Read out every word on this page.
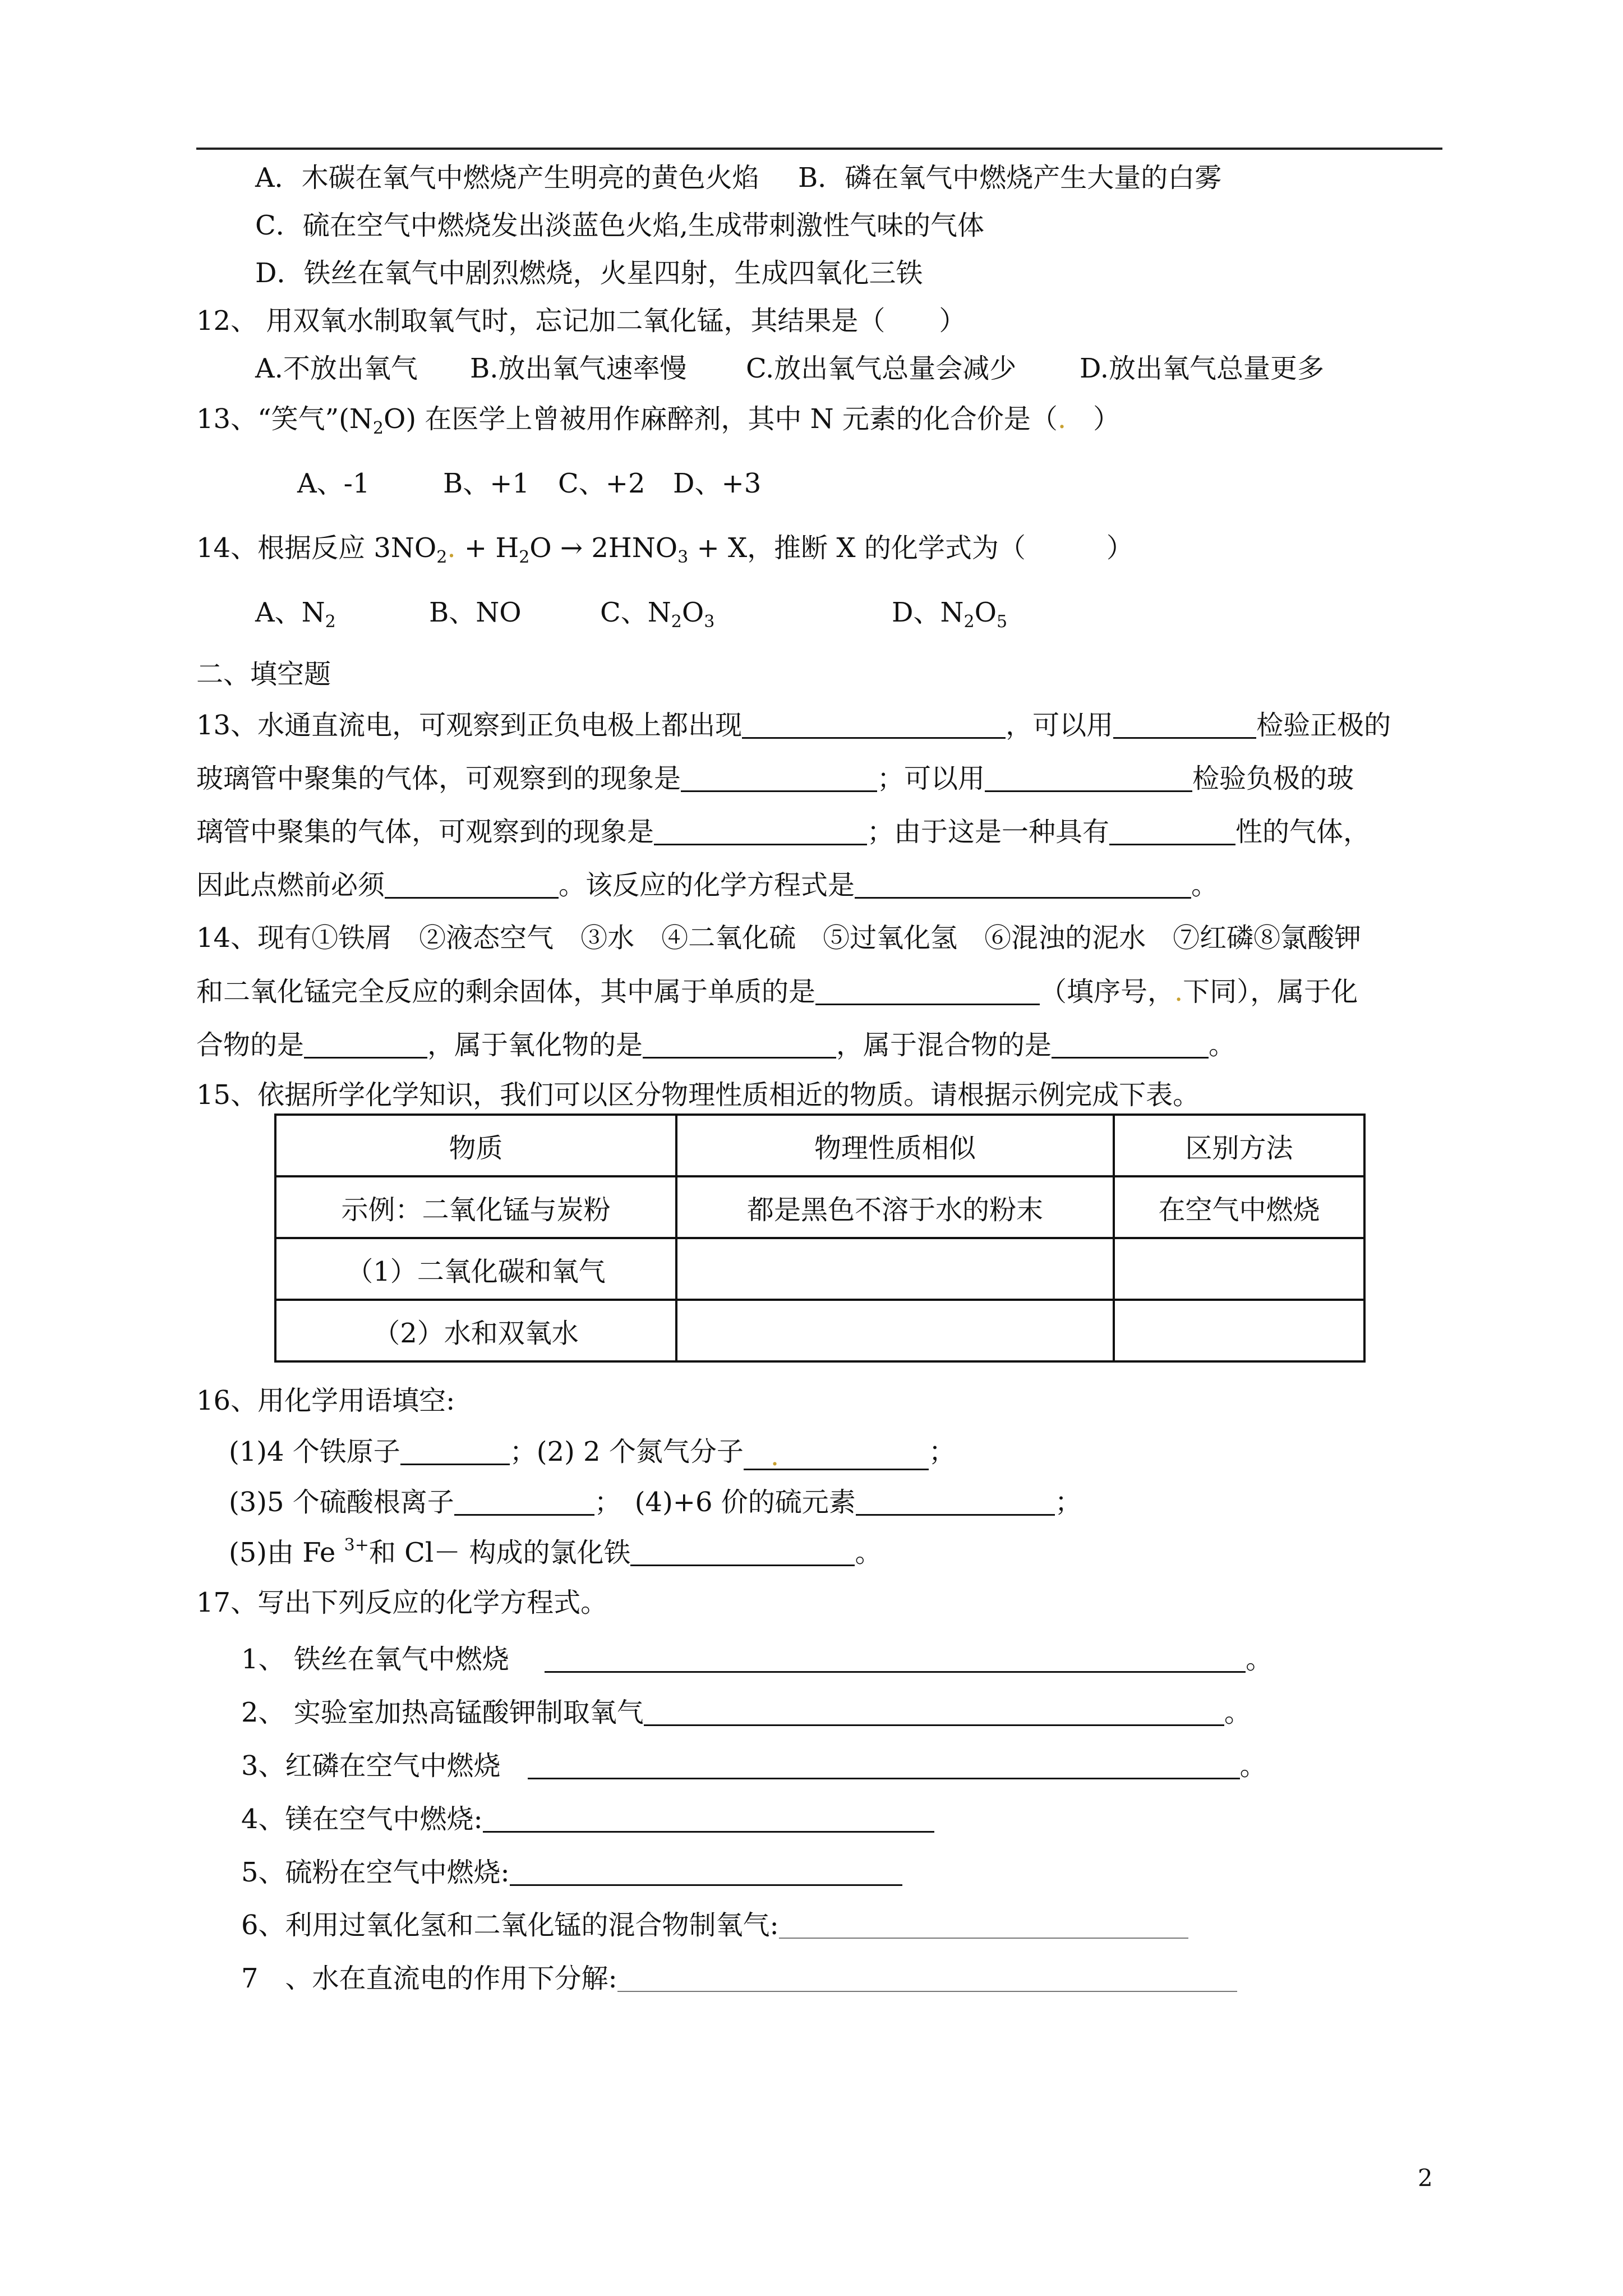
A．木碳在氧气中燃烧产生明亮的黄色火焰 B．磷在氧气中燃烧产生大量的白雾
C．硫在空气中燃烧发出淡蓝色火焰,生成带刺激性气味的气体
D．铁丝在氧气中剧烈燃烧，火星四射，生成四氧化三铁
12、 用双氧水制取氧气时，忘记加二氧化锰，其结果是（　　）
A.不放出氧气 B.放出氧气速率慢 C.放出氧气总量会减少 D.放出氧气总量更多
13、“笑气$”(N_2O)$ 在医学上曾被用作麻醉剂，其中 N 元素的化合价是（.　）
A、-1	B、+1 C、+2 D、+3
14、根据反应 $3NO_2$. + $H_2O \to 2HNO_3 + X$，推断 X 的化学式为（　　　）
A、$N_2$	B、NO	C、$N_2O_3$	D、$N_2O_5$
二、填空题
13、水通直流电，可观察到正负电极上都出现	，可以用	检验正极的
玻璃管中聚集的气体，可观察到的现象是	；可以用	检验负极的玻
璃管中聚集的气体，可观察到的现象是	；由于这是一种具有	性的气体，
因此点燃前必须	。该反应的化学方程式是	。
14、现有①铁屑　②液态空气　③水　④二氧化硫　⑤过氧化氢　⑥混浊的泥水　⑦红磷⑧氯酸钾
和二氧化锰完全反应的剩余固体，其中属于单质的是	（填序号，.下同），属于化
合物的是	，属于氧化物的是	，属于混合物的是	。
15、依据所学化学知识，我们可以区分物理性质相近的物质。请根据示例完成下表。
物质	物理性质相似	区别方法
示例：二氧化锰与炭粉	都是黑色不溶于水的粉末	在空气中燃烧
（1）二氧化碳和氧气		
（2）水和双氧水		
16、用化学用语填空:
(1)4 个铁原子	；(2) 2 个氮气分子　.	；
(3)5 个硫酸根离子	；　(4)+6 价的硫元素	；
(5)由 Fe $^{3+}$和 Cl－ 构成的氯化铁	。
17、写出下列反应的化学方程式。
1、 铁丝在氧气中燃烧　	。
2、 实验室加热高锰酸钾制取氧气	。
3、红磷在空气中燃烧　	。
4、镁在空气中燃烧:
5、硫粉在空气中燃烧:
6、利用过氧化氢和二氧化锰的混合物制氧气:
7　、水在直流电的作用下分解:
2
